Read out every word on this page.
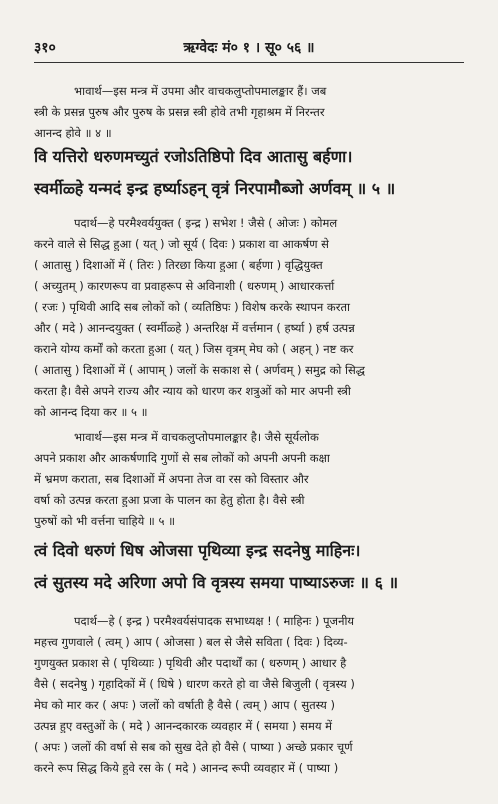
३१०	ऋग्वेदः मं० १ । सू० ५६ ॥
भावार्थ—इस मन्त्र में उपमा और वाचकलुप्तोपमालङ्कार हैं। जब
स्त्री के प्रसन्न पुरुष और पुरुष के प्रसन्न स्त्री होवे तभी गृहाश्रम में निरन्तर
आनन्द होवे ॥ ४ ॥
वि यत्तिरो धरुणमच्युतं रजोऽतिष्ठिपो दिव आतासु बर्हणा।
स्वर्मीळ्हे यन्मदं इन्द्र हर्ष्याऽहन् वृत्रं निरपामौब्जो अर्णवम् ॥ ५ ॥
पदार्थ—हे परमैश्वर्ययुक्त ( इन्द्र ) सभेश ! जैसे ( ओजः ) कोमल
करने वाले से सिद्ध हुआ ( यत् ) जो सूर्य ( दिवः ) प्रकाश वा आकर्षण से
( आतासु ) दिशाओं में ( तिरः ) तिरछा किया हुआ ( बर्हणा ) वृद्धियुक्त
( अच्युतम् ) कारणरूप वा प्रवाहरूप से अविनाशी ( धरुणम् ) आधारकर्त्ता
( रजः ) पृथिवी आदि सब लोकों को ( व्यतिष्ठिपः ) विशेष करके स्थापन करता
और ( मदे ) आनन्दयुक्त ( स्वर्मीळ्हे ) अन्तरिक्ष में वर्त्तमान ( हर्ष्या ) हर्ष उत्पन्न
कराने योग्य कर्मों को करता हुआ ( यत् ) जिस वृत्रम् मेघ को ( अहन् ) नष्ट कर
( आतासु ) दिशाओं में ( आपाम् ) जलों के सकाश से ( अर्णवम् ) समुद्र को सिद्ध
करता है। वैसे अपने राज्य और न्याय को धारण कर शत्रुओं को मार अपनी स्त्री
को आनन्द दिया कर ॥ ५ ॥
भावार्थ—इस मन्त्र में वाचकलुप्तोपमालङ्कार है। जैसे सूर्यलोक
अपने प्रकाश और आकर्षणादि गुणों से सब लोकों को अपनी अपनी कक्षा
में भ्रमण कराता, सब दिशाओं में अपना तेज वा रस को विस्तार और
वर्षा को उत्पन्न करता हुआ प्रजा के पालन का हेतु होता है। वैसे स्त्री
पुरुषों को भी वर्त्तना चाहिये ॥ ५ ॥
त्वं दिवो धरुणं धिष ओजसा पृथिव्या इन्द्र सदनेषु माहिनः।
त्वं सुतस्य मदे अरिणा अपो वि वृत्रस्य समया पाष्याऽरुजः ॥ ६ ॥
पदार्थ—हे ( इन्द्र ) परमैश्वर्यसंपादक सभाध्यक्ष ! ( माहिनः ) पूजनीय
महत्त्व गुणवाले ( त्वम् ) आप ( ओजसा ) बल से जैसे सविता ( दिवः ) दिव्य-
गुणयुक्त प्रकाश से ( पृथिव्याः ) पृथिवी और पदार्थों का ( धरुणम् ) आधार है
वैसे ( सदनेषु ) गृहादिकों में ( धिषे ) धारण करते हो वा जैसे बिजुली ( वृत्रस्य )
मेघ को मार कर ( अपः ) जलों को वर्षाती है वैसे ( त्वम् ) आप ( सुतस्य )
उत्पन्न हुए वस्तुओं के ( मदे ) आनन्दकारक व्यवहार में ( समया ) समय में
( अपः ) जलों की वर्षा से सब को सुख देते हो वैसे ( पाष्या ) अच्छे प्रकार चूर्ण
करने रूप सिद्ध किये हुवे रस के ( मदे ) आनन्द रूपी व्यवहार में ( पाष्या )
